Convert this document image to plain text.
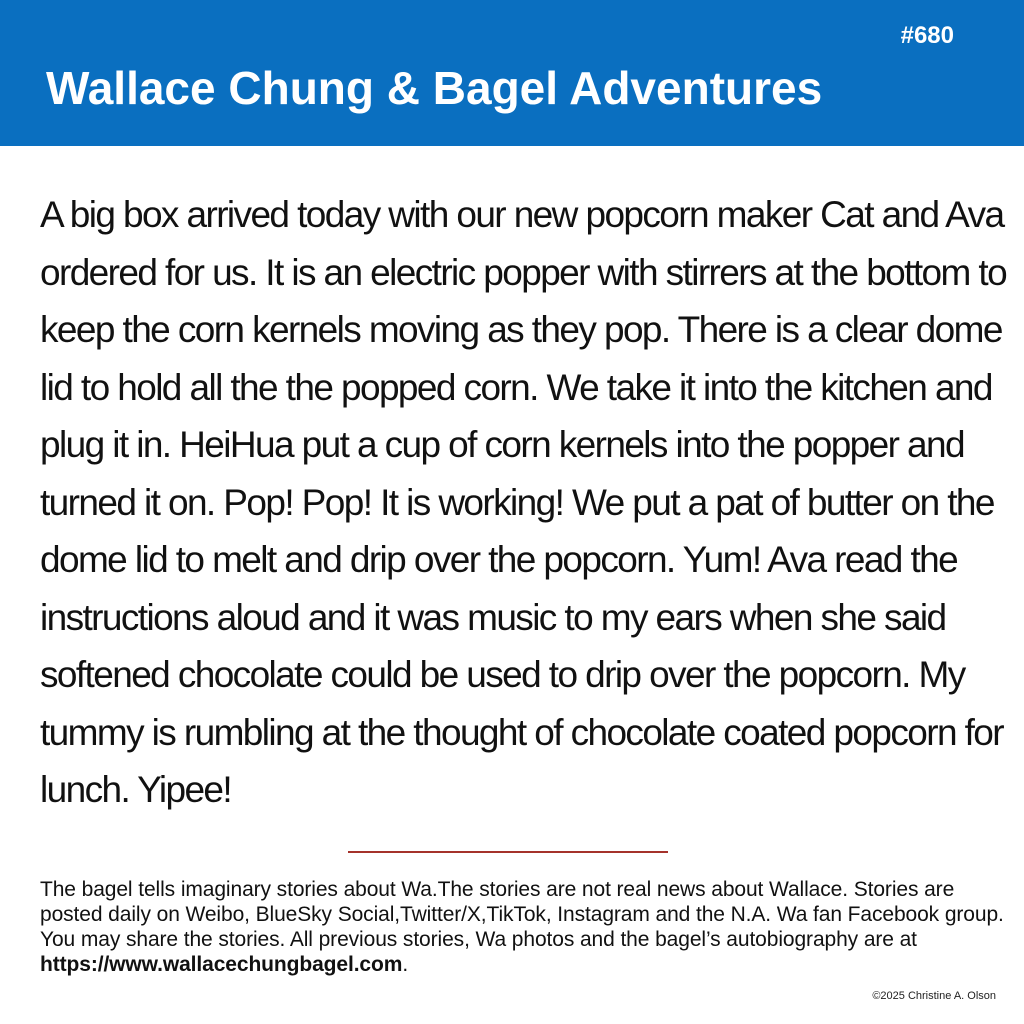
#680
Wallace Chung & Bagel Adventures

A big box arrived today with our new popcorn maker Cat and Ava ordered for us. It is an electric popper with stirrers at the bottom to keep the corn kernels moving as they pop. There is a clear dome lid to hold all the the popped corn. We take it into the kitchen and plug it in. HeiHua put a cup of corn kernels into the popper and turned it on. Pop! Pop! It is working! We put a pat of butter on the dome lid to melt and drip over the popcorn. Yum! Ava read the instructions aloud and it was music to my ears when she said softened chocolate could be used to drip over the popcorn. My tummy is rumbling at the thought of chocolate coated popcorn for lunch. Yipee!

The bagel tells imaginary stories about Wa.The stories are not real news about Wallace. Stories are posted daily on Weibo, BlueSky Social,Twitter/X,TikTok, Instagram and the N.A. Wa fan Facebook group. You may share the stories. All previous stories, Wa photos and the bagel’s autobiography are at https://www.wallacechungbagel.com.

©2025 Christine A. Olson
